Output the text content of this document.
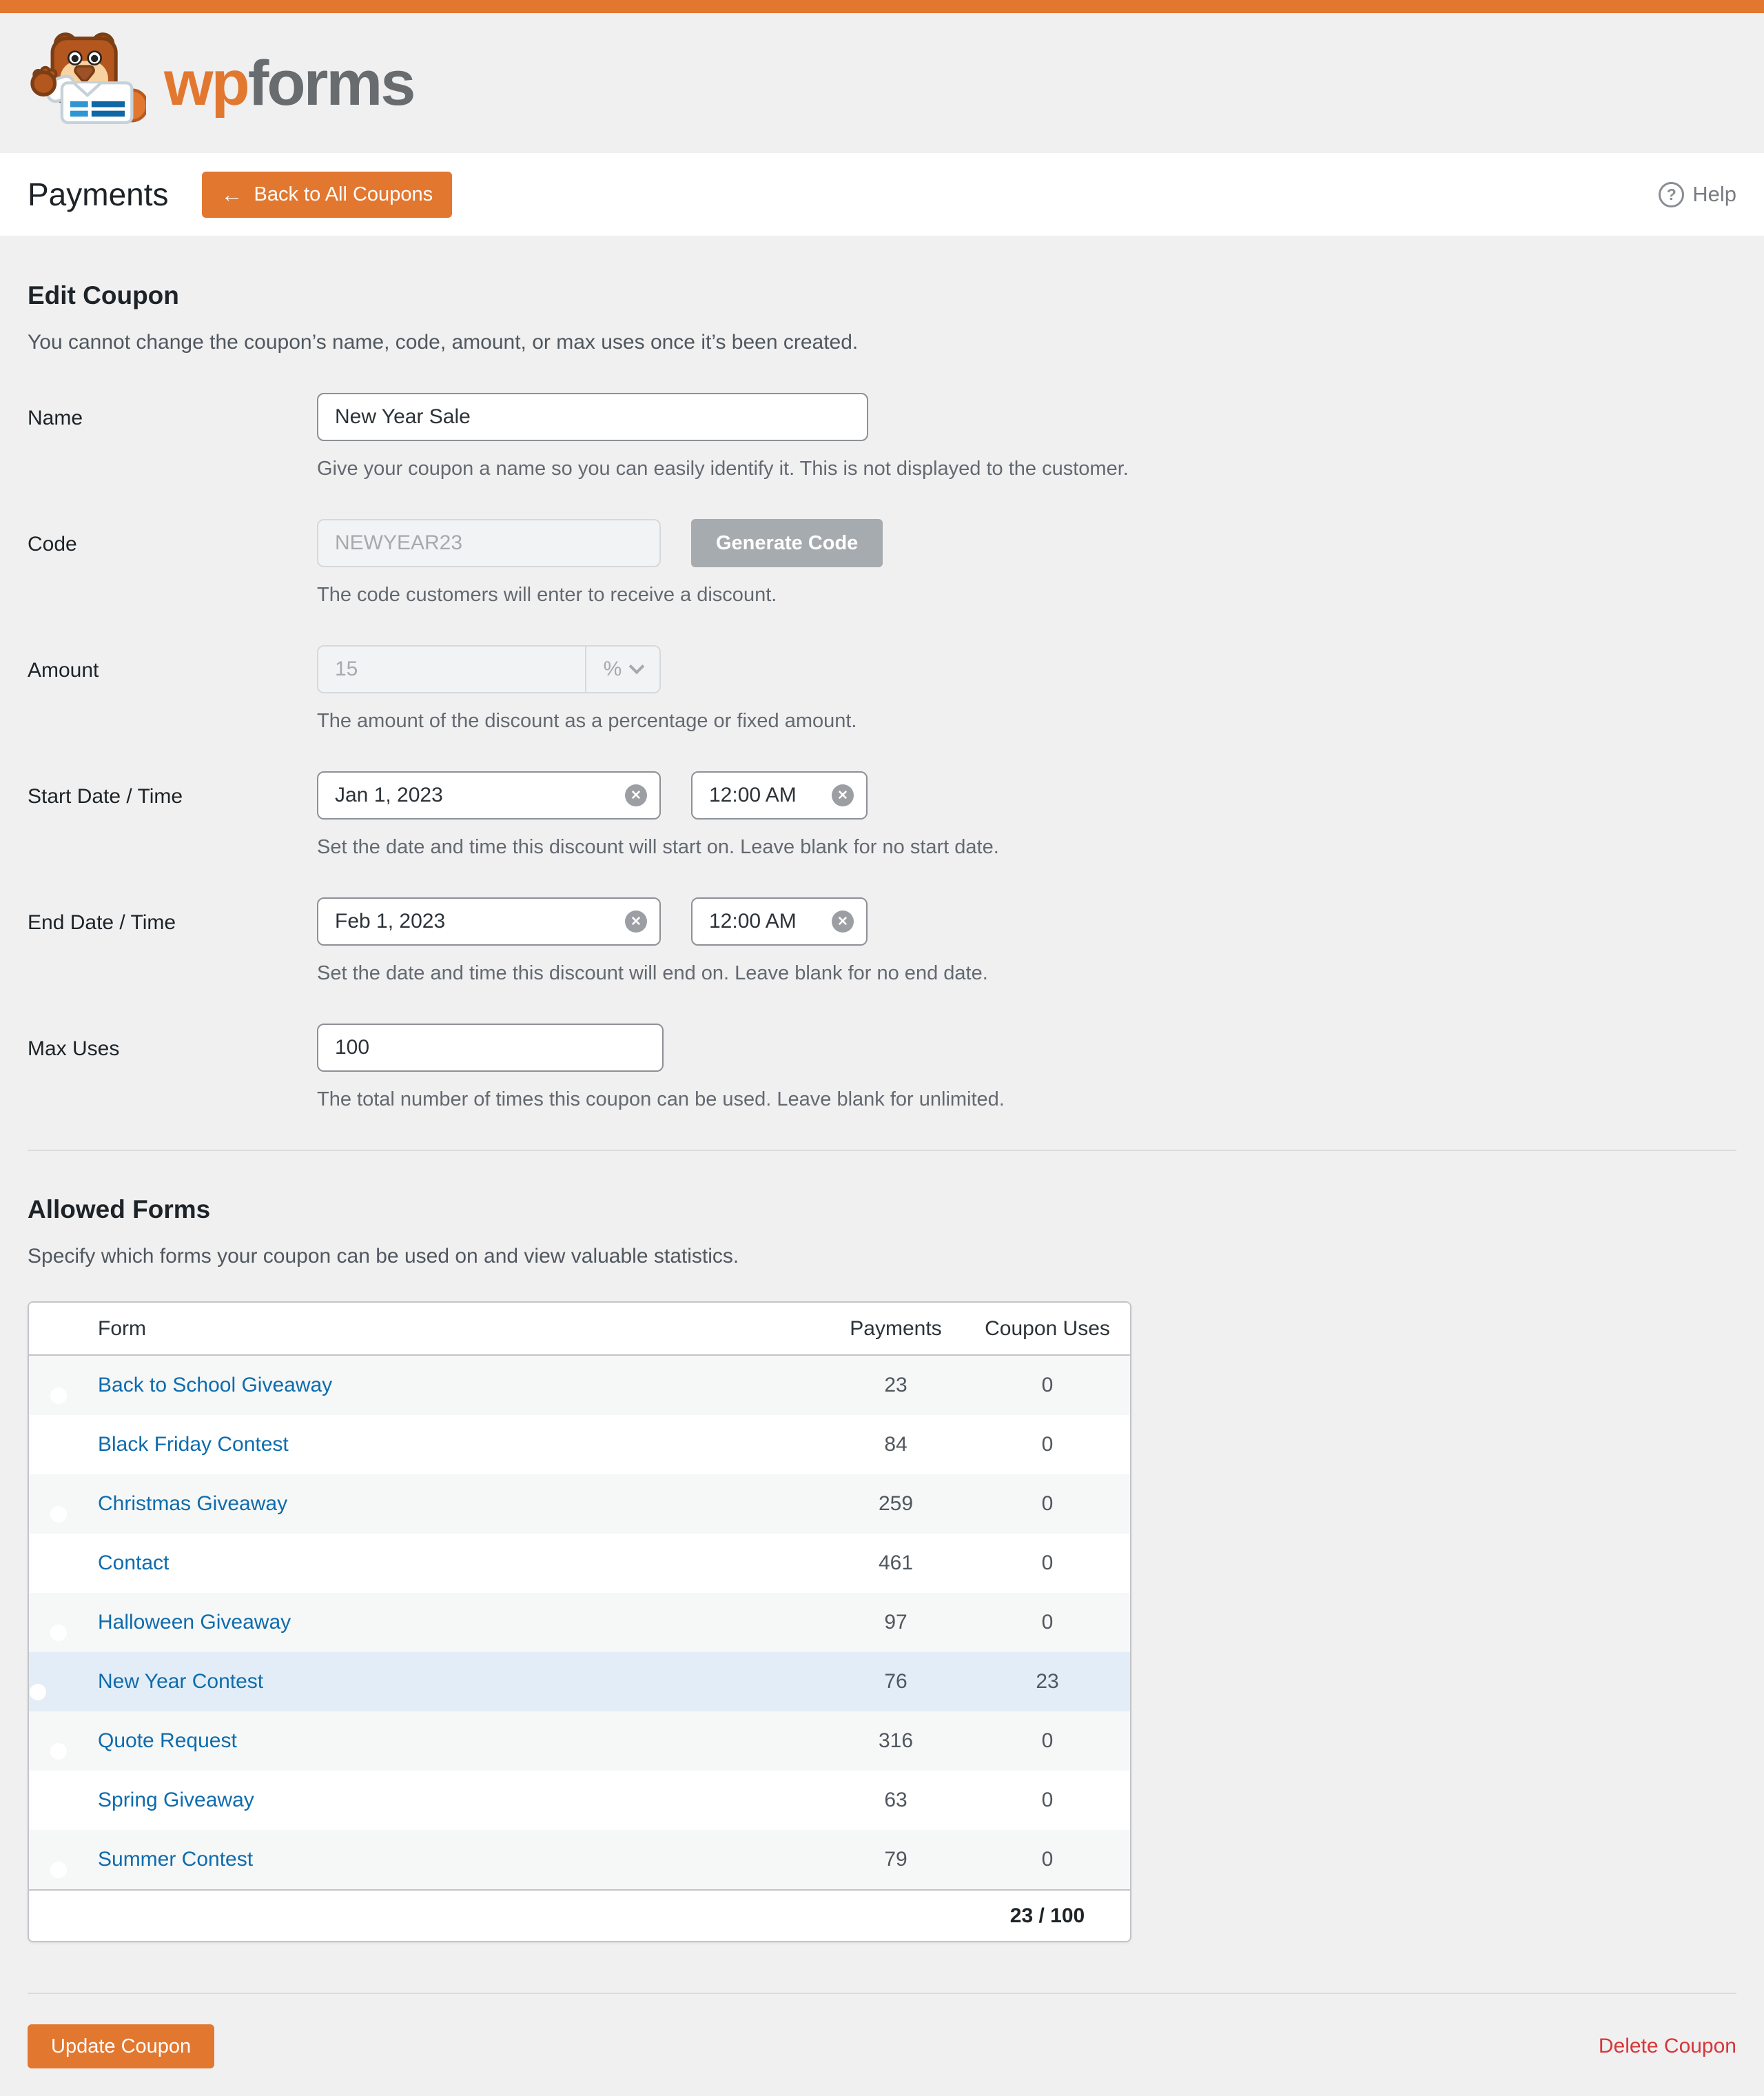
wpforms
Payments ← Back to All Coupons	? Help
Edit Coupon

You cannot change the coupon’s name, code, amount, or max uses once it’s been created.

Name
New Year Sale
Give your coupon a name so you can easily identify it. This is not displayed to the customer.
Code
NEWYEAR23	Generate Code
The code customers will enter to receive a discount.
Amount	15	%
The amount of the discount as a percentage or fixed amount.
Start Date / Time
Jan 1, 2023	✕
12:00 AM	✕
Set the date and time this discount will start on. Leave blank for no start date.
End Date / Time
Feb 1, 2023	✕
12:00 AM	✕
Set the date and time this discount will end on. Leave blank for no end date.
Max Uses
100
The total number of times this coupon can be used. Leave blank for unlimited.
Allowed Forms

Specify which forms your coupon can be used on and view valuable statistics.

Form	Payments	Coupon Uses
Back to School Giveaway	23	0
Black Friday Contest	84	0
Christmas Giveaway	259	0
Contact	461	0
Halloween Giveaway	97	0
New Year Contest	76	23
Quote Request	316	0
Spring Giveaway	63	0
Summer Contest	79	0
23 / 100
Update Coupon	Delete Coupon
